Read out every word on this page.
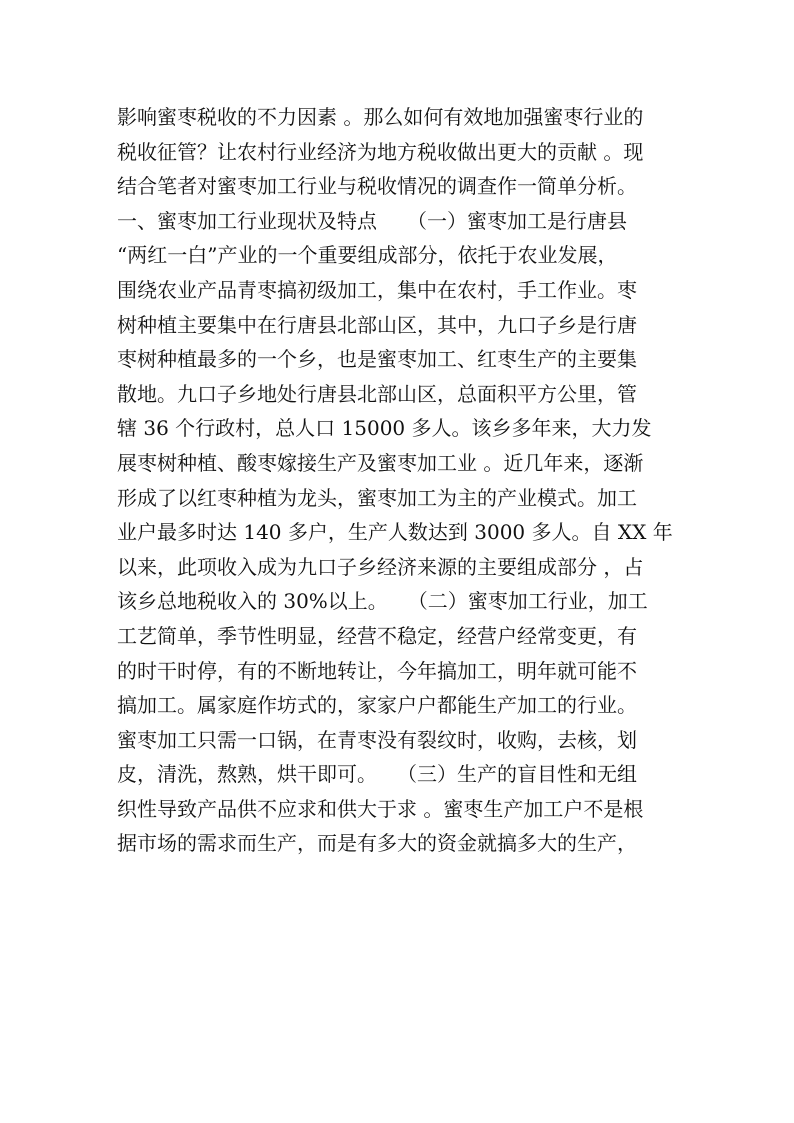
影响蜜枣税收的不力因素 。那么如何有效地加强蜜枣行业的
税收征管？让农村行业经济为地方税收做出更大的贡献 。现
结合笔者对蜜枣加工行业与税收情况的调查作一简单分析。
一、蜜枣加工行业现状及特点　　（一）蜜枣加工是行唐县
“两红一白”产业的一个重要组成部分，依托于农业发展，
围绕农业产品青枣搞初级加工，集中在农村，手工作业。枣
树种植主要集中在行唐县北部山区，其中，九口子乡是行唐
枣树种植最多的一个乡，也是蜜枣加工、红枣生产的主要集
散地。九口子乡地处行唐县北部山区，总面积平方公里，管
辖 36 个行政村，总人口 15000 多人。该乡多年来，大力发
展枣树种植、酸枣嫁接生产及蜜枣加工业 。近几年来，逐渐
形成了以红枣种植为龙头，蜜枣加工为主的产业模式。加工
业户最多时达 140 多户，生产人数达到 3000 多人。自 XX 年
以来，此项收入成为九口子乡经济来源的主要组成部分 ，占
该乡总地税收入的 30%以上。　　（二）蜜枣加工行业，加工
工艺简单，季节性明显，经营不稳定，经营户经常变更，有
的时干时停，有的不断地转让，今年搞加工，明年就可能不
搞加工。属家庭作坊式的，家家户户都能生产加工的行业。
蜜枣加工只需一口锅，在青枣没有裂纹时，收购，去核，划
皮，清洗，熬熟，烘干即可。　　（三）生产的盲目性和无组
织性导致产品供不应求和供大于求 。蜜枣生产加工户不是根
据市场的需求而生产，而是有多大的资金就搞多大的生产，
